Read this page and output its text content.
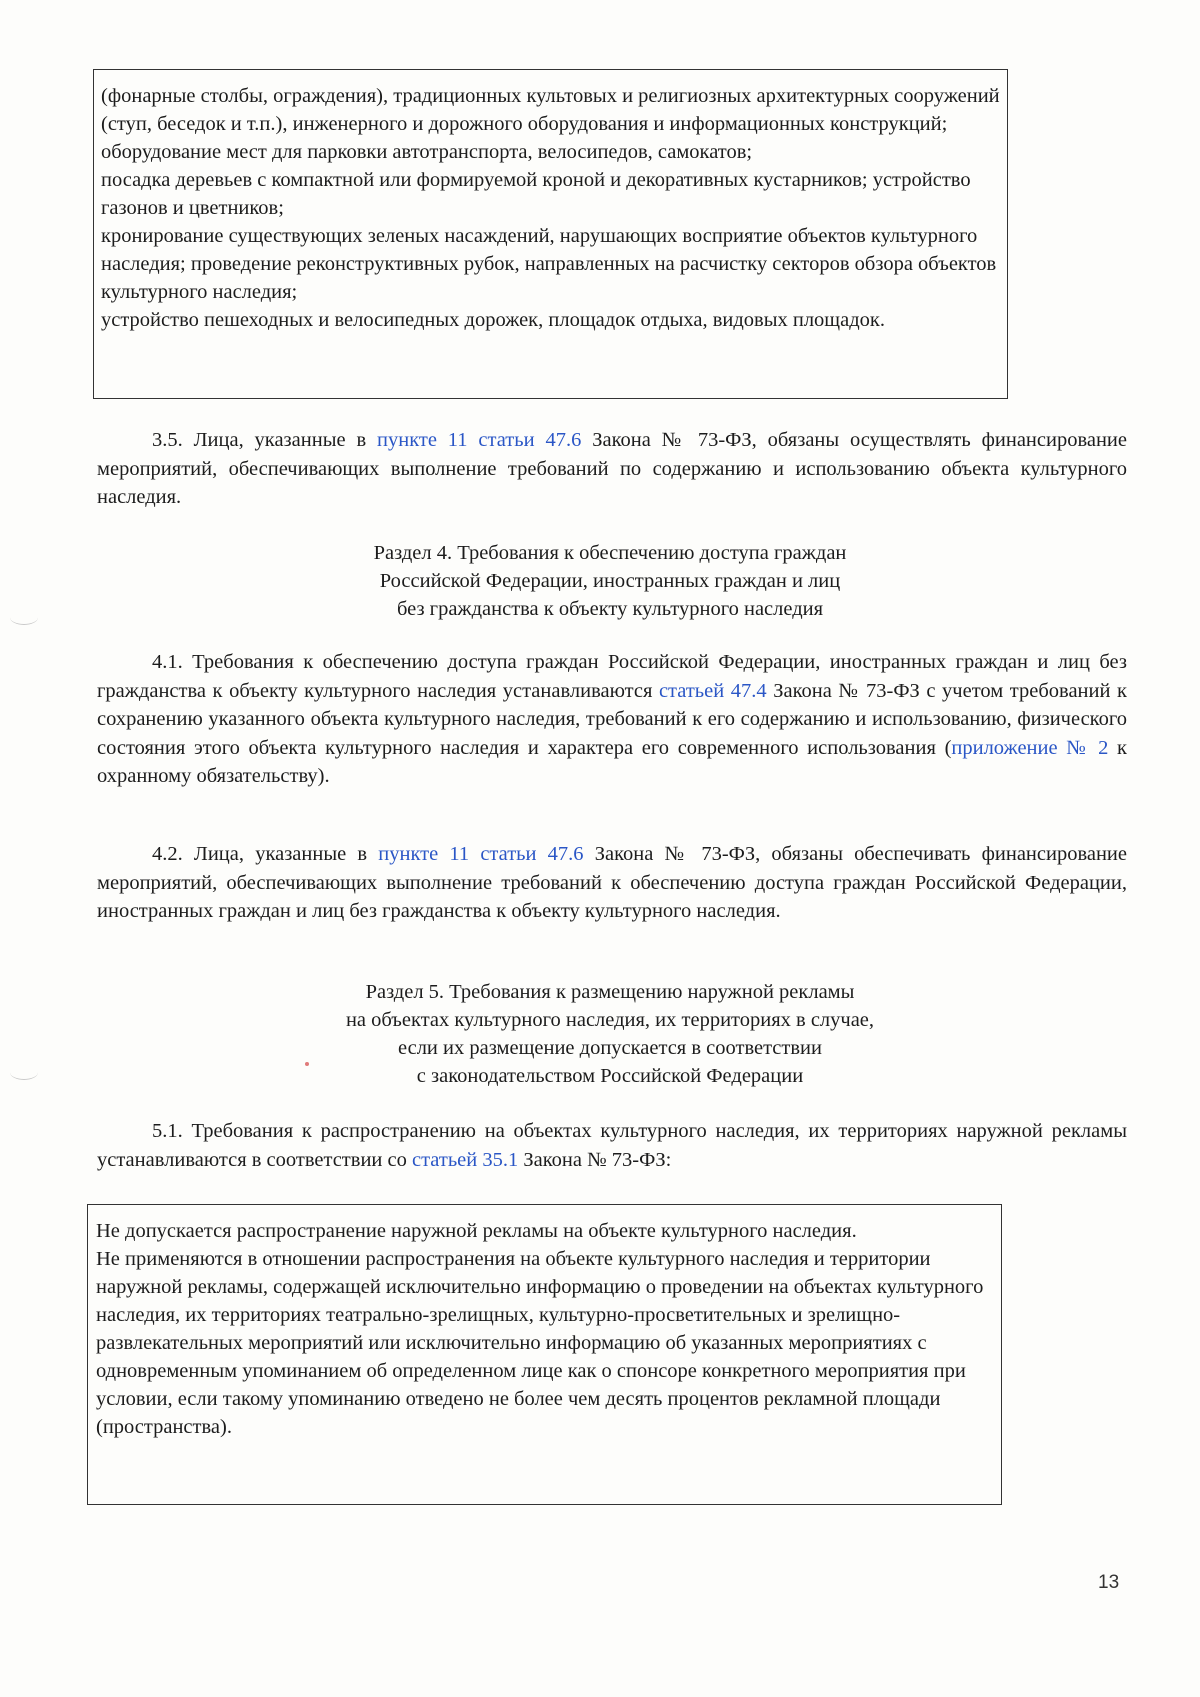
(фонарные столбы, ограждения), традиционных культовых и религиозных архитектурных сооружений (ступ, беседок и т.п.), инженерного и дорожного оборудования и информационных конструкций;

оборудование мест для парковки автотранспорта, велосипедов, самокатов;

посадка деревьев с компактной или формируемой кроной и декоративных кустарников; устройство газонов и цветников;

кронирование существующих зеленых насаждений, нарушающих восприятие объектов культурного наследия; проведение реконструктивных рубок, направленных на расчистку секторов обзора объектов культурного наследия;

устройство пешеходных и велосипедных дорожек, площадок отдыха, видовых площадок.

3.5. Лица, указанные в пункте 11 статьи 47.6 Закона № 73-ФЗ, обязаны осуществлять финансирование мероприятий, обеспечивающих выполнение требований по содержанию и использованию объекта культурного наследия.

Раздел 4. Требования к обеспечению доступа граждан
Российской Федерации, иностранных граждан и лиц
без гражданства к объекту культурного наследия

4.1. Требования к обеспечению доступа граждан Российской Федерации, иностранных граждан и лиц без гражданства к объекту культурного наследия устанавливаются статьей 47.4 Закона № 73-ФЗ с учетом требований к сохранению указанного объекта культурного наследия, требований к его содержанию и использованию, физического состояния этого объекта культурного наследия и характера его современного использования (приложение № 2 к охранному обязательству).

4.2. Лица, указанные в пункте 11 статьи 47.6 Закона № 73-ФЗ, обязаны обеспечивать финансирование мероприятий, обеспечивающих выполнение требований к обеспечению доступа граждан Российской Федерации, иностранных граждан и лиц без гражданства к объекту культурного наследия.

Раздел 5. Требования к размещению наружной рекламы
на объектах культурного наследия, их территориях в случае,
если их размещение допускается в соответствии
с законодательством Российской Федерации

5.1. Требования к распространению на объектах культурного наследия, их территориях наружной рекламы устанавливаются в соответствии со статьей 35.1 Закона № 73-ФЗ:

Не допускается распространение наружной рекламы на объекте культурного наследия.

Не применяются в отношении распространения на объекте культурного наследия и территории наружной рекламы, содержащей исключительно информацию о проведении на объектах культурного наследия, их территориях театрально-зрелищных, культурно-просветительных и зрелищно-развлекательных мероприятий или исключительно информацию об указанных мероприятиях с одновременным упоминанием об определенном лице как о спонсоре конкретного мероприятия при условии, если такому упоминанию отведено не более чем десять процентов рекламной площади (пространства).

13
